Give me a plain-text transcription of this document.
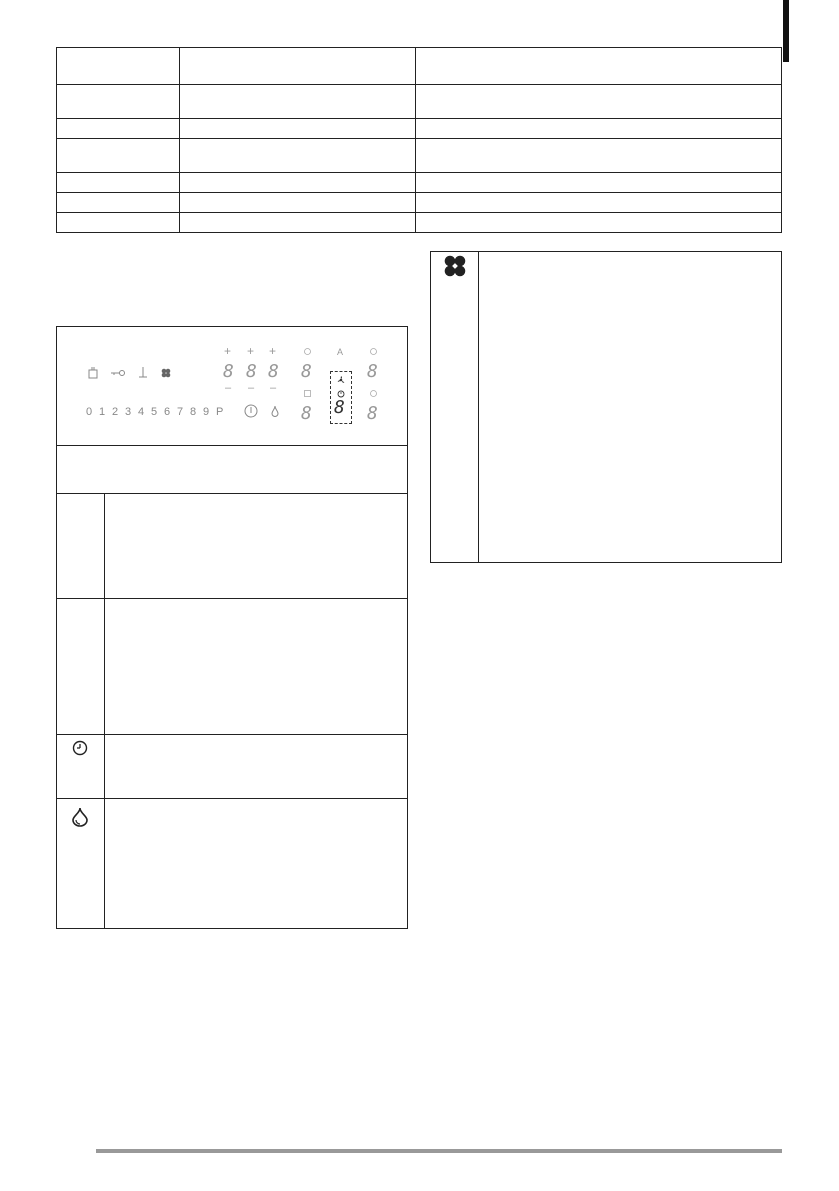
0 1 2 3 4 5 6 7 8 9 P
+ + +
8 8 8
– – –
8
8
A
8
8
8
